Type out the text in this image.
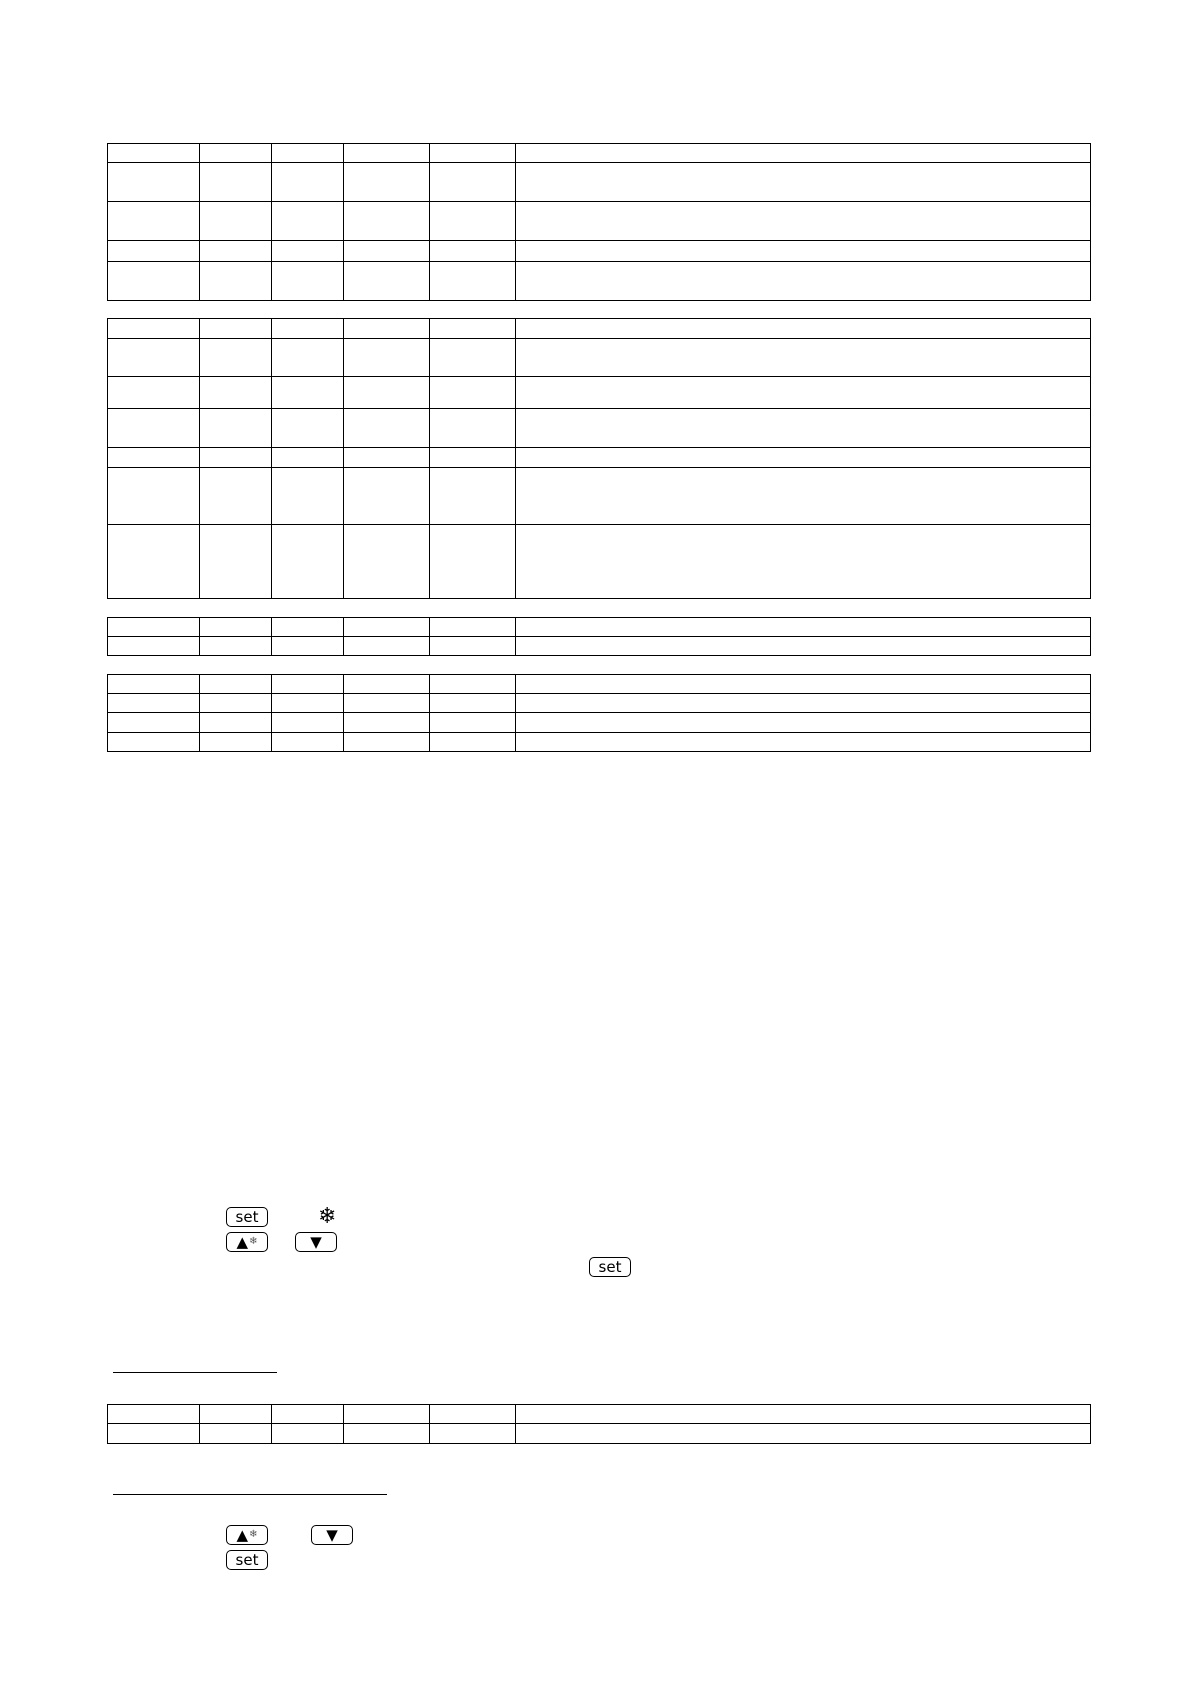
set	❄
▲ ❄	▼
set

▲ ❄	▼
set
